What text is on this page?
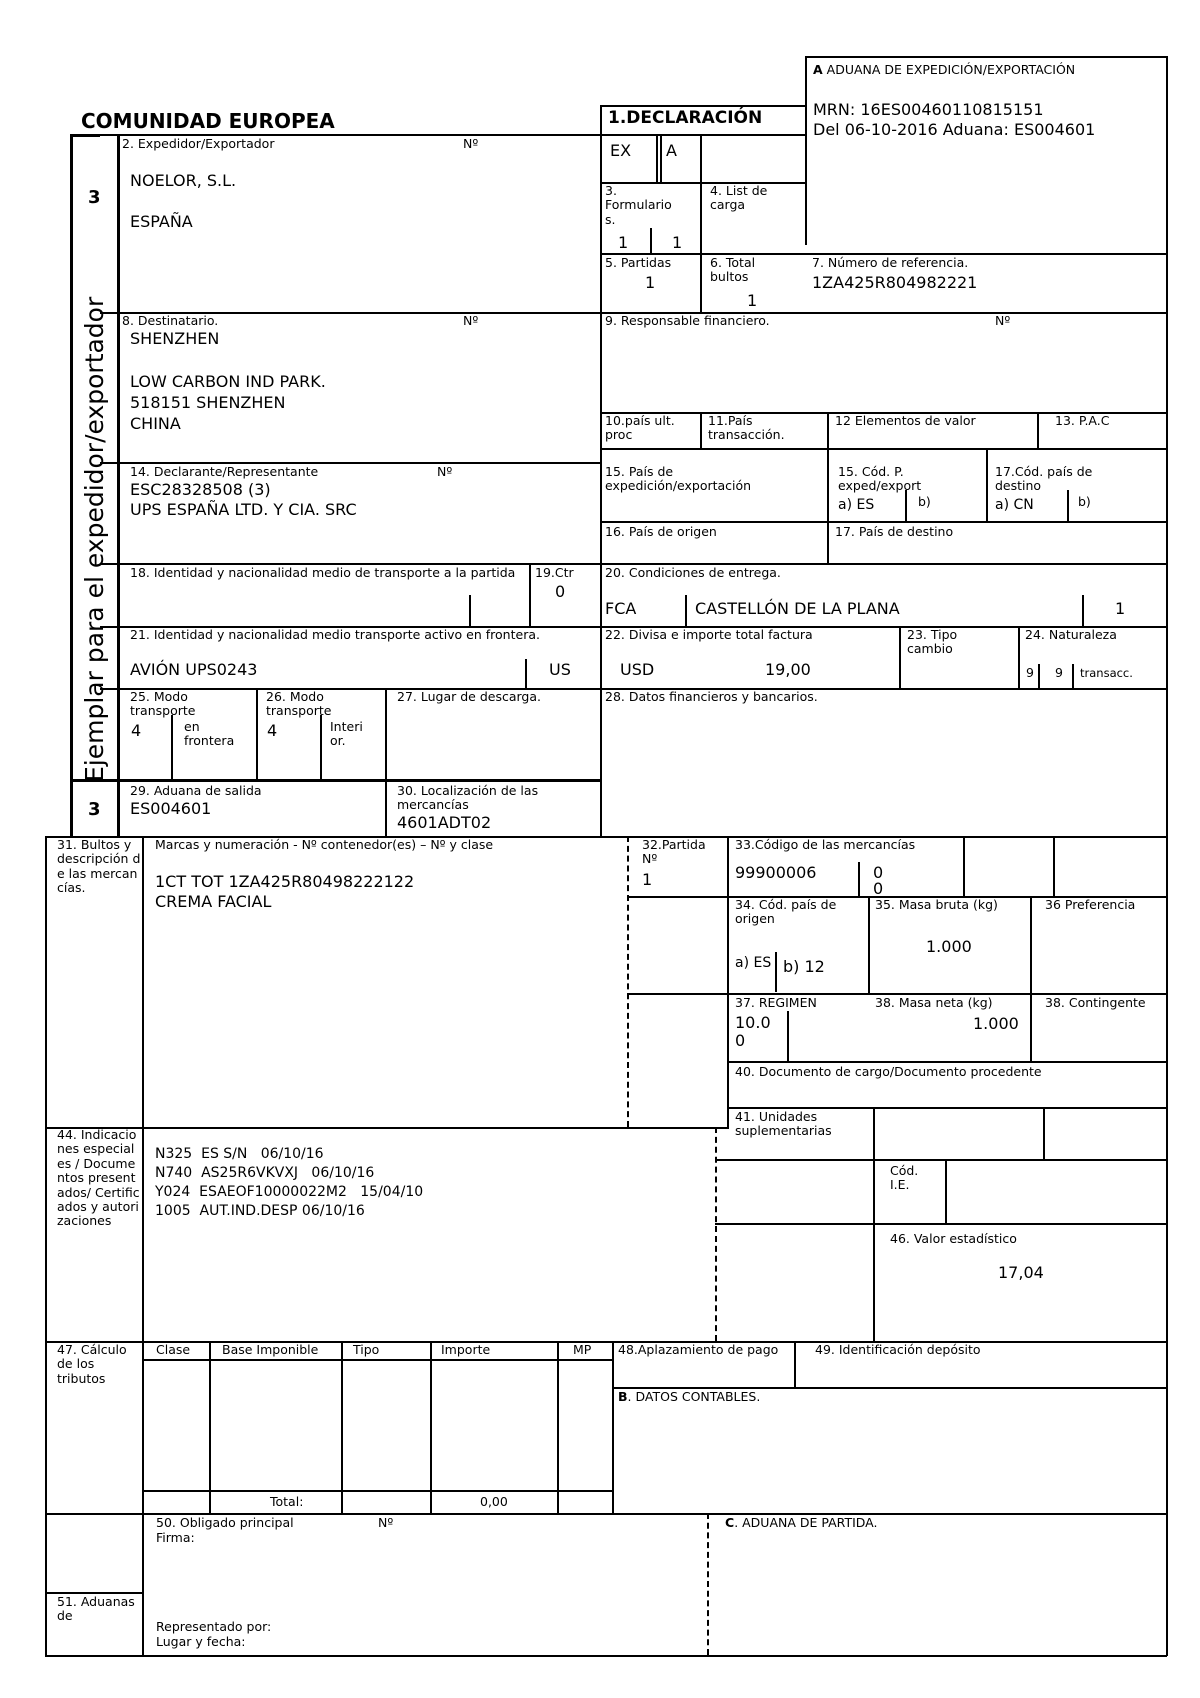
A ADUANA DE EXPEDICIÓN/EXPORTACIÓN
MRN: 16ES00460110815151
Del 06-10-2016 Aduana: ES004601
COMUNIDAD EUROPEA	1.DECLARACIÓN
EX A
3
Ejemplar para el expedidor/exportador
3
2. Expedidor/Exportador	Nº
NOELOR, S.L.
ESPAÑA
3. Formulario s.
1	1
4. List de carga
5. Partidas
1
6. Total bultos
1
7. Número de referencia.
1ZA425R804982221
8. Destinatario.	Nº
SHENZHEN
LOW CARBON IND PARK.
518151 SHENZHEN
CHINA
9. Responsable financiero.	Nº
10.país ult. proc
11.País transacción.
12 Elementos de valor	13. P.A.C
14. Declarante/Representante	Nº
ESC28328508 (3)
UPS ESPAÑA LTD. Y CIA. SRC
15. País de expedición/exportación
15. Cód. P. exped/export
a) ES	b)
17.Cód. país de destino
a) CN	b)
16. País de origen	17. País de destino
18. Identidad y nacionalidad medio de transporte a la partida	19.Ctr
0
20. Condiciones de entrega.
FCA	CASTELLÓN DE LA PLANA	1
21. Identidad y nacionalidad medio transporte activo en frontera.
AVIÓN UPS0243	US
22. Divisa e importe total factura
USD	19,00
23. Tipo cambio
24. Naturaleza
9 9 transacc.
25. Modo
transporte
4	en frontera
26. Modo
transporte
4	Interi or.
27. Lugar de descarga.	28. Datos financieros y bancarios.
29. Aduana de salida
ES004601
30. Localización de las mercancías
4601ADT02
31. Bultos y descripción de las mercancías.
Marcas y numeración - Nº contenedor(es) – Nº y clase
1CT TOT 1ZA425R80498222122
CREMA FACIAL
32.Partida Nº
1
33.Código de las mercancías
99900006	0
0
34. Cód. país de origen
a) ES b) 12
35. Masa bruta (kg)
1.000
36 Preferencia
37. REGIMEN
10.0 0
38. Masa neta (kg)
1.000
38. Contingente
40. Documento de cargo/Documento procedente
41. Unidades suplementarias
Cód. I.E.
44. Indicaciones especiales / Documentos presentados/ Certificados y autorizaciones
N325  ES S/N   06/10/16
N740  AS25R6VKVXJ   06/10/16
Y024  ESAEOF10000022M2   15/04/10
1005  AUT.IND.DESP 06/10/16
46. Valor estadístico
17,04
47. Cálculo de los tributos
Clase	Base Imponible	Tipo	Importe	MP
Total:	0,00
48.Aplazamiento de pago	49. Identificación depósito
B. DATOS CONTABLES.
50. Obligado principal	Nº
Firma:
Representado por:
Lugar y fecha:
51. Aduanas de
C. ADUANA DE PARTIDA.
